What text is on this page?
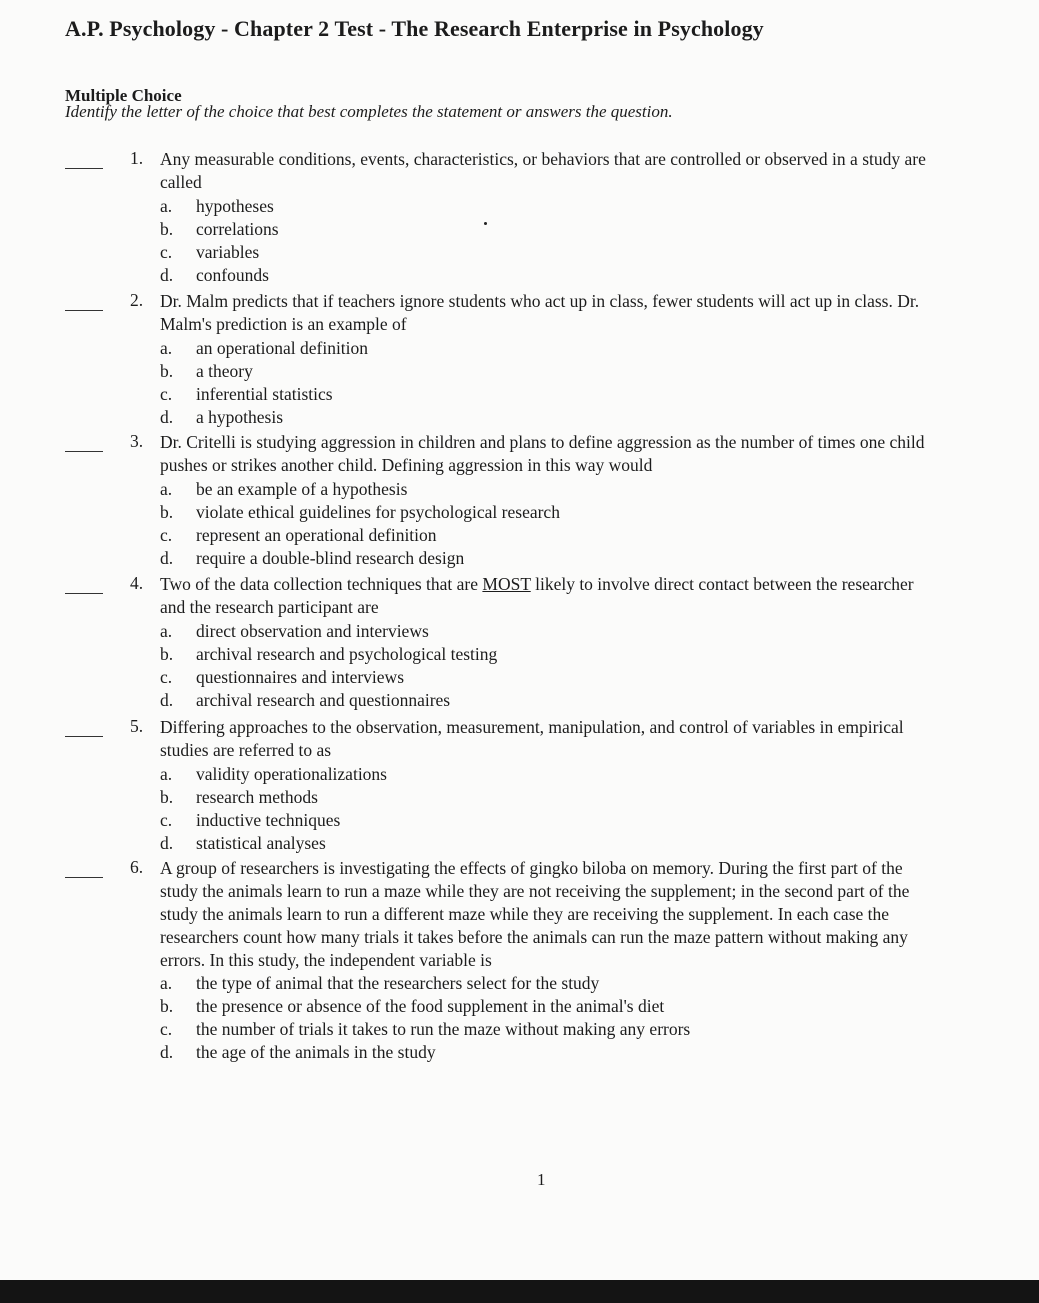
A.P. Psychology - Chapter 2 Test - The Research Enterprise in Psychology
Multiple Choice
Identify the letter of the choice that best completes the statement or answers the question.
1. Any measurable conditions, events, characteristics, or behaviors that are controlled or observed in a study are
called
a. hypotheses
b. correlations
c. variables
d. confounds
2. Dr. Malm predicts that if teachers ignore students who act up in class, fewer students will act up in class. Dr.
Malm's prediction is an example of
a. an operational definition
b. a theory
c. inferential statistics
d. a hypothesis
3. Dr. Critelli is studying aggression in children and plans to define aggression as the number of times one child
pushes or strikes another child. Defining aggression in this way would
a. be an example of a hypothesis
b. violate ethical guidelines for psychological research
c. represent an operational definition
d. require a double-blind research design
4. Two of the data collection techniques that are MOST likely to involve direct contact between the researcher
and the research participant are
a. direct observation and interviews
b. archival research and psychological testing
c. questionnaires and interviews
d. archival research and questionnaires
5. Differing approaches to the observation, measurement, manipulation, and control of variables in empirical
studies are referred to as
a. validity operationalizations
b. research methods
c. inductive techniques
d. statistical analyses
6. A group of researchers is investigating the effects of gingko biloba on memory. During the first part of the
study the animals learn to run a maze while they are not receiving the supplement; in the second part of the
study the animals learn to run a different maze while they are receiving the supplement. In each case the
researchers count how many trials it takes before the animals can run the maze pattern without making any
errors. In this study, the independent variable is
a. the type of animal that the researchers select for the study
b. the presence or absence of the food supplement in the animal's diet
c. the number of trials it takes to run the maze without making any errors
d. the age of the animals in the study
1
